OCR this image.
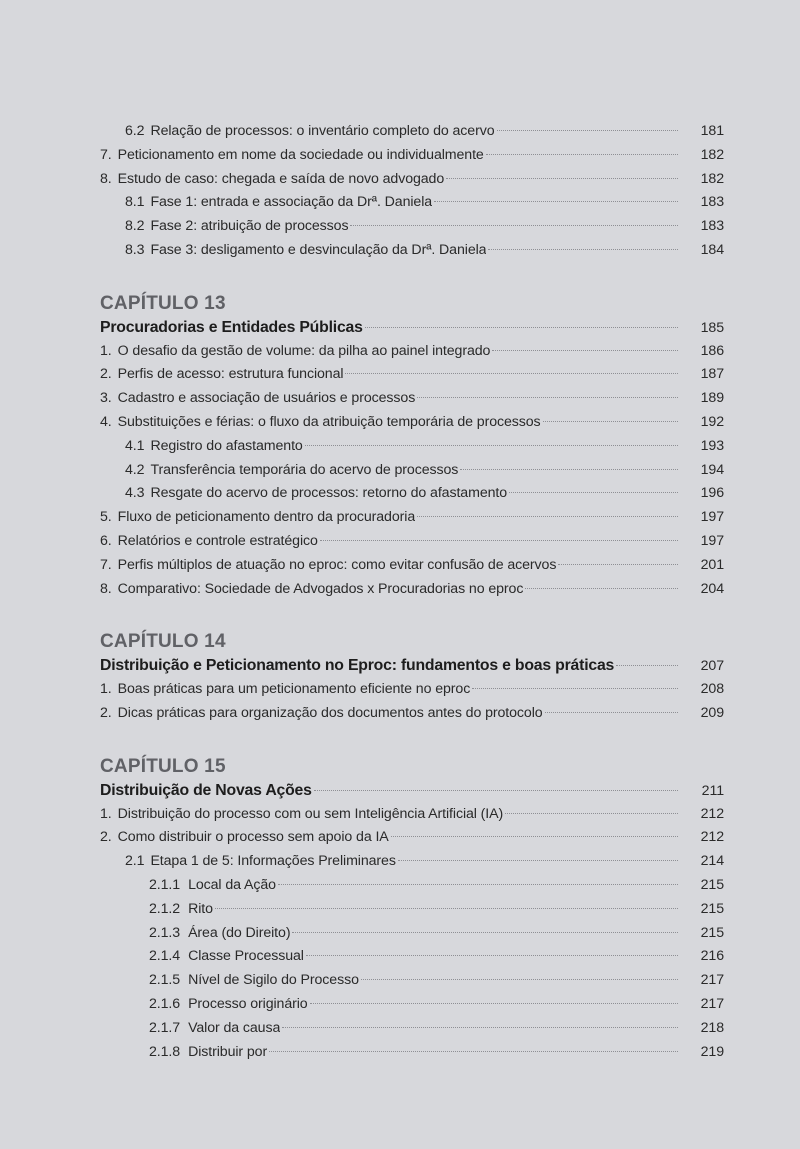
6.2 Relação de processos: o inventário completo do acervo	181
7. Peticionamento em nome da sociedade ou individualmente	182
8. Estudo de caso: chegada e saída de novo advogado	182
8.1 Fase 1: entrada e associação da Drª. Daniela	183
8.2 Fase 2: atribuição de processos	183
8.3 Fase 3: desligamento e desvinculação da Drª. Daniela	184
CAPÍTULO 13
Procuradorias e Entidades Públicas	185
1. O desafio da gestão de volume: da pilha ao painel integrado	186
2. Perfis de acesso: estrutura funcional	187
3. Cadastro e associação de usuários e processos	189
4. Substituições e férias: o fluxo da atribuição temporária de processos	192
4.1 Registro do afastamento	193
4.2 Transferência temporária do acervo de processos	194
4.3 Resgate do acervo de processos: retorno do afastamento	196
5. Fluxo de peticionamento dentro da procuradoria	197
6. Relatórios e controle estratégico	197
7. Perfis múltiplos de atuação no eproc: como evitar confusão de acervos	201
8. Comparativo: Sociedade de Advogados x Procuradorias no eproc	204
CAPÍTULO 14
Distribuição e Peticionamento no Eproc: fundamentos e boas práticas	207
1. Boas práticas para um peticionamento eficiente no eproc	208
2. Dicas práticas para organização dos documentos antes do protocolo	209
CAPÍTULO 15
Distribuição de Novas Ações	211
1. Distribuição do processo com ou sem Inteligência Artificial (IA)	212
2. Como distribuir o processo sem apoio da IA	212
2.1 Etapa 1 de 5: Informações Preliminares	214
2.1.1 Local da Ação	215
2.1.2 Rito	215
2.1.3 Área (do Direito)	215
2.1.4 Classe Processual	216
2.1.5 Nível de Sigilo do Processo	217
2.1.6 Processo originário	217
2.1.7 Valor da causa	218
2.1.8 Distribuir por	219
